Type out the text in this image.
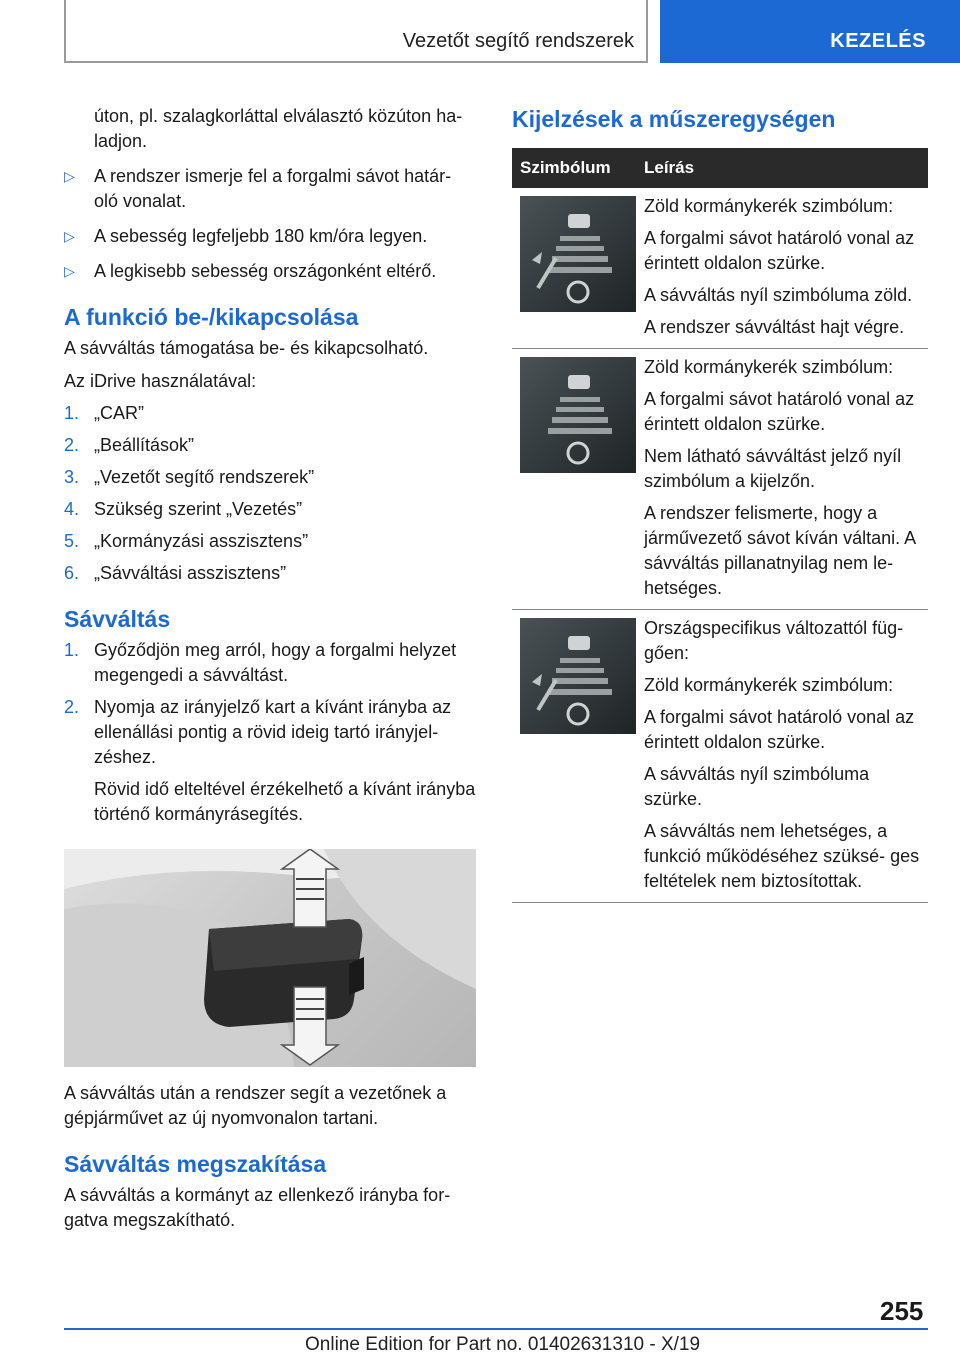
Vezetőt segítő rendszerek	KEZELÉS

úton, pl. szalagkorláttal elválasztó közúton ha- ladjon.

▷ A rendszer ismerje fel a forgalmi sávot határ- oló vonalat.
▷ A sebesség legfeljebb 180 km/óra legyen.
▷ A legkisebb sebesség országonként eltérő.
A funkció be-/kikapcsolása

A sávváltás támogatása be- és kikapcsolható.

Az iDrive használatával:

1. „CAR”
2. „Beállítások”
3. „Vezetőt segítő rendszerek”
4. Szükség szerint „Vezetés”
5. „Kormányzási asszisztens”
6. „Sávváltási asszisztens”
Sávváltás
1. Győződjön meg arról, hogy a forgalmi helyzet megengedi a sávváltást.
2. Nyomja az irányjelző kart a kívánt irányba az ellenállási pontig a rövid ideig tartó irányjel- zéshez.

Rövid idő elteltével érzékelhető a kívánt irányba történő kormányrásegítés.

A sávváltás után a rendszer segít a vezetőnek a gépjárművet az új nyomvonalon tartani.

Sávváltás megszakítása

A sávváltás a kormányt az ellenkező irányba for- gatva megszakítható.

Kijelzések a műszeregységen
Szimbólum Leírás

Zöld kormánykerék szimbólum:

A forgalmi sávot határoló vonal az érintett oldalon szürke.

A sávváltás nyíl szimbóluma zöld.

A rendszer sávváltást hajt végre.

Zöld kormánykerék szimbólum:

A forgalmi sávot határoló vonal az érintett oldalon szürke.

Nem látható sávváltást jelző nyíl szimbólum a kijelzőn.

A rendszer felismerte, hogy a járművezető sávot kíván váltani. A sávváltás pillanatnyilag nem le- hetséges.

Országspecifikus változattól füg- gően:

Zöld kormánykerék szimbólum:

A forgalmi sávot határoló vonal az érintett oldalon szürke.

A sávváltás nyíl szimbóluma szürke.

A sávváltás nem lehetséges, a funkció működéséhez szüksé- ges feltételek nem biztosítottak.

255
Online Edition for Part no. 01402631310 - X/19
